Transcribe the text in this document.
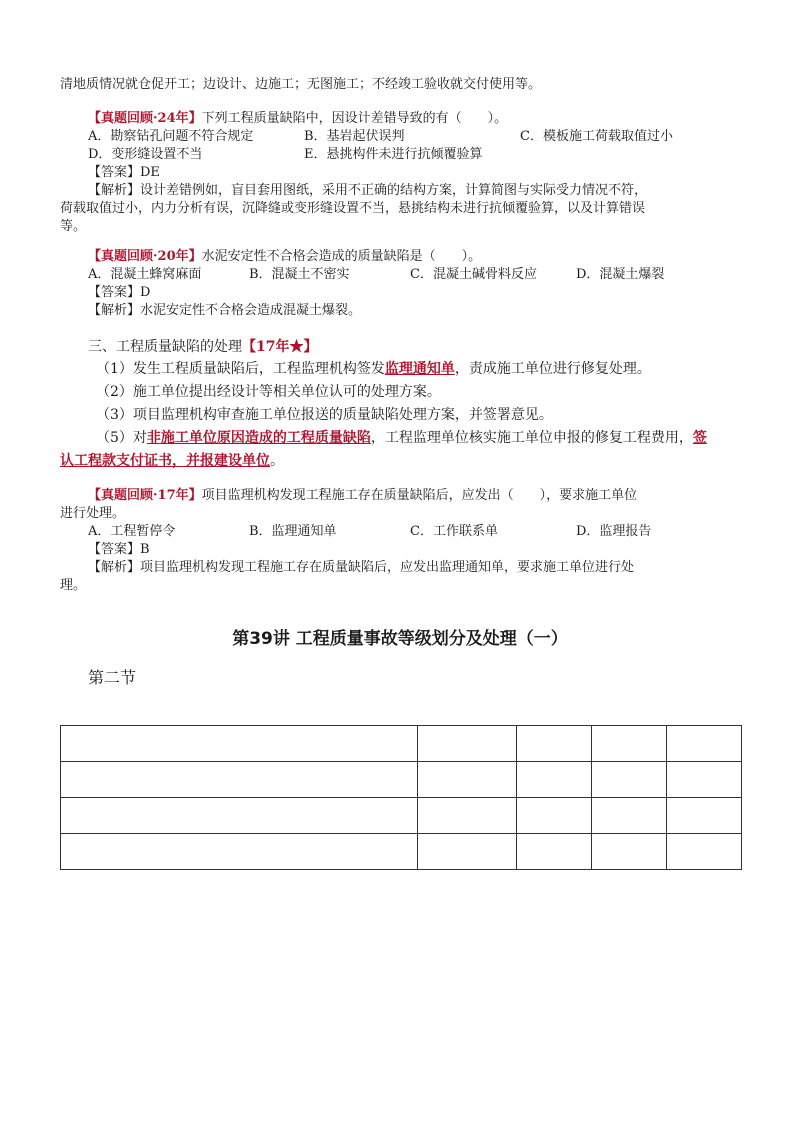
清地质情况就仓促开工；边设计、边施工；无图施工；不经竣工验收就交付使用等。
【真题回顾·24年】下列工程质量缺陷中，因设计差错导致的有（　　）。
A．勘察钻孔问题不符合规定	B．基岩起伏误判	C．模板施工荷载取值过小
D．变形缝设置不当	E．悬挑构件未进行抗倾覆验算
【答案】DE
【解析】设计差错例如，盲目套用图纸，采用不正确的结构方案，计算简图与实际受力情况不符，
荷载取值过小，内力分析有误，沉降缝或变形缝设置不当，悬挑结构未进行抗倾覆验算，以及计算错误
等。
【真题回顾·20年】水泥安定性不合格会造成的质量缺陷是（　　）。
A．混凝土蜂窝麻面	B．混凝土不密实	C．混凝土碱骨料反应	D．混凝土爆裂
【答案】D
【解析】水泥安定性不合格会造成混凝土爆裂。
三、工程质量缺陷的处理【17年★】
（1）发生工程质量缺陷后，工程监理机构签发监理通知单，责成施工单位进行修复处理。
（2）施工单位提出经设计等相关单位认可的处理方案。
（3）项目监理机构审查施工单位报送的质量缺陷处理方案，并签署意见。
（5）对非施工单位原因造成的工程质量缺陷，工程监理单位核实施工单位申报的修复工程费用，签
认工程款支付证书，并报建设单位。
【真题回顾·17年】项目监理机构发现工程施工存在质量缺陷后，应发出（　　），要求施工单位
进行处理。
A．工程暂停令	B．监理通知单	C．工作联系单	D．监理报告
【答案】B
【解析】项目监理机构发现工程施工存在质量缺陷后，应发出监理通知单，要求施工单位进行处
理。
第39讲 工程质量事故等级划分及处理（一）
第二节
